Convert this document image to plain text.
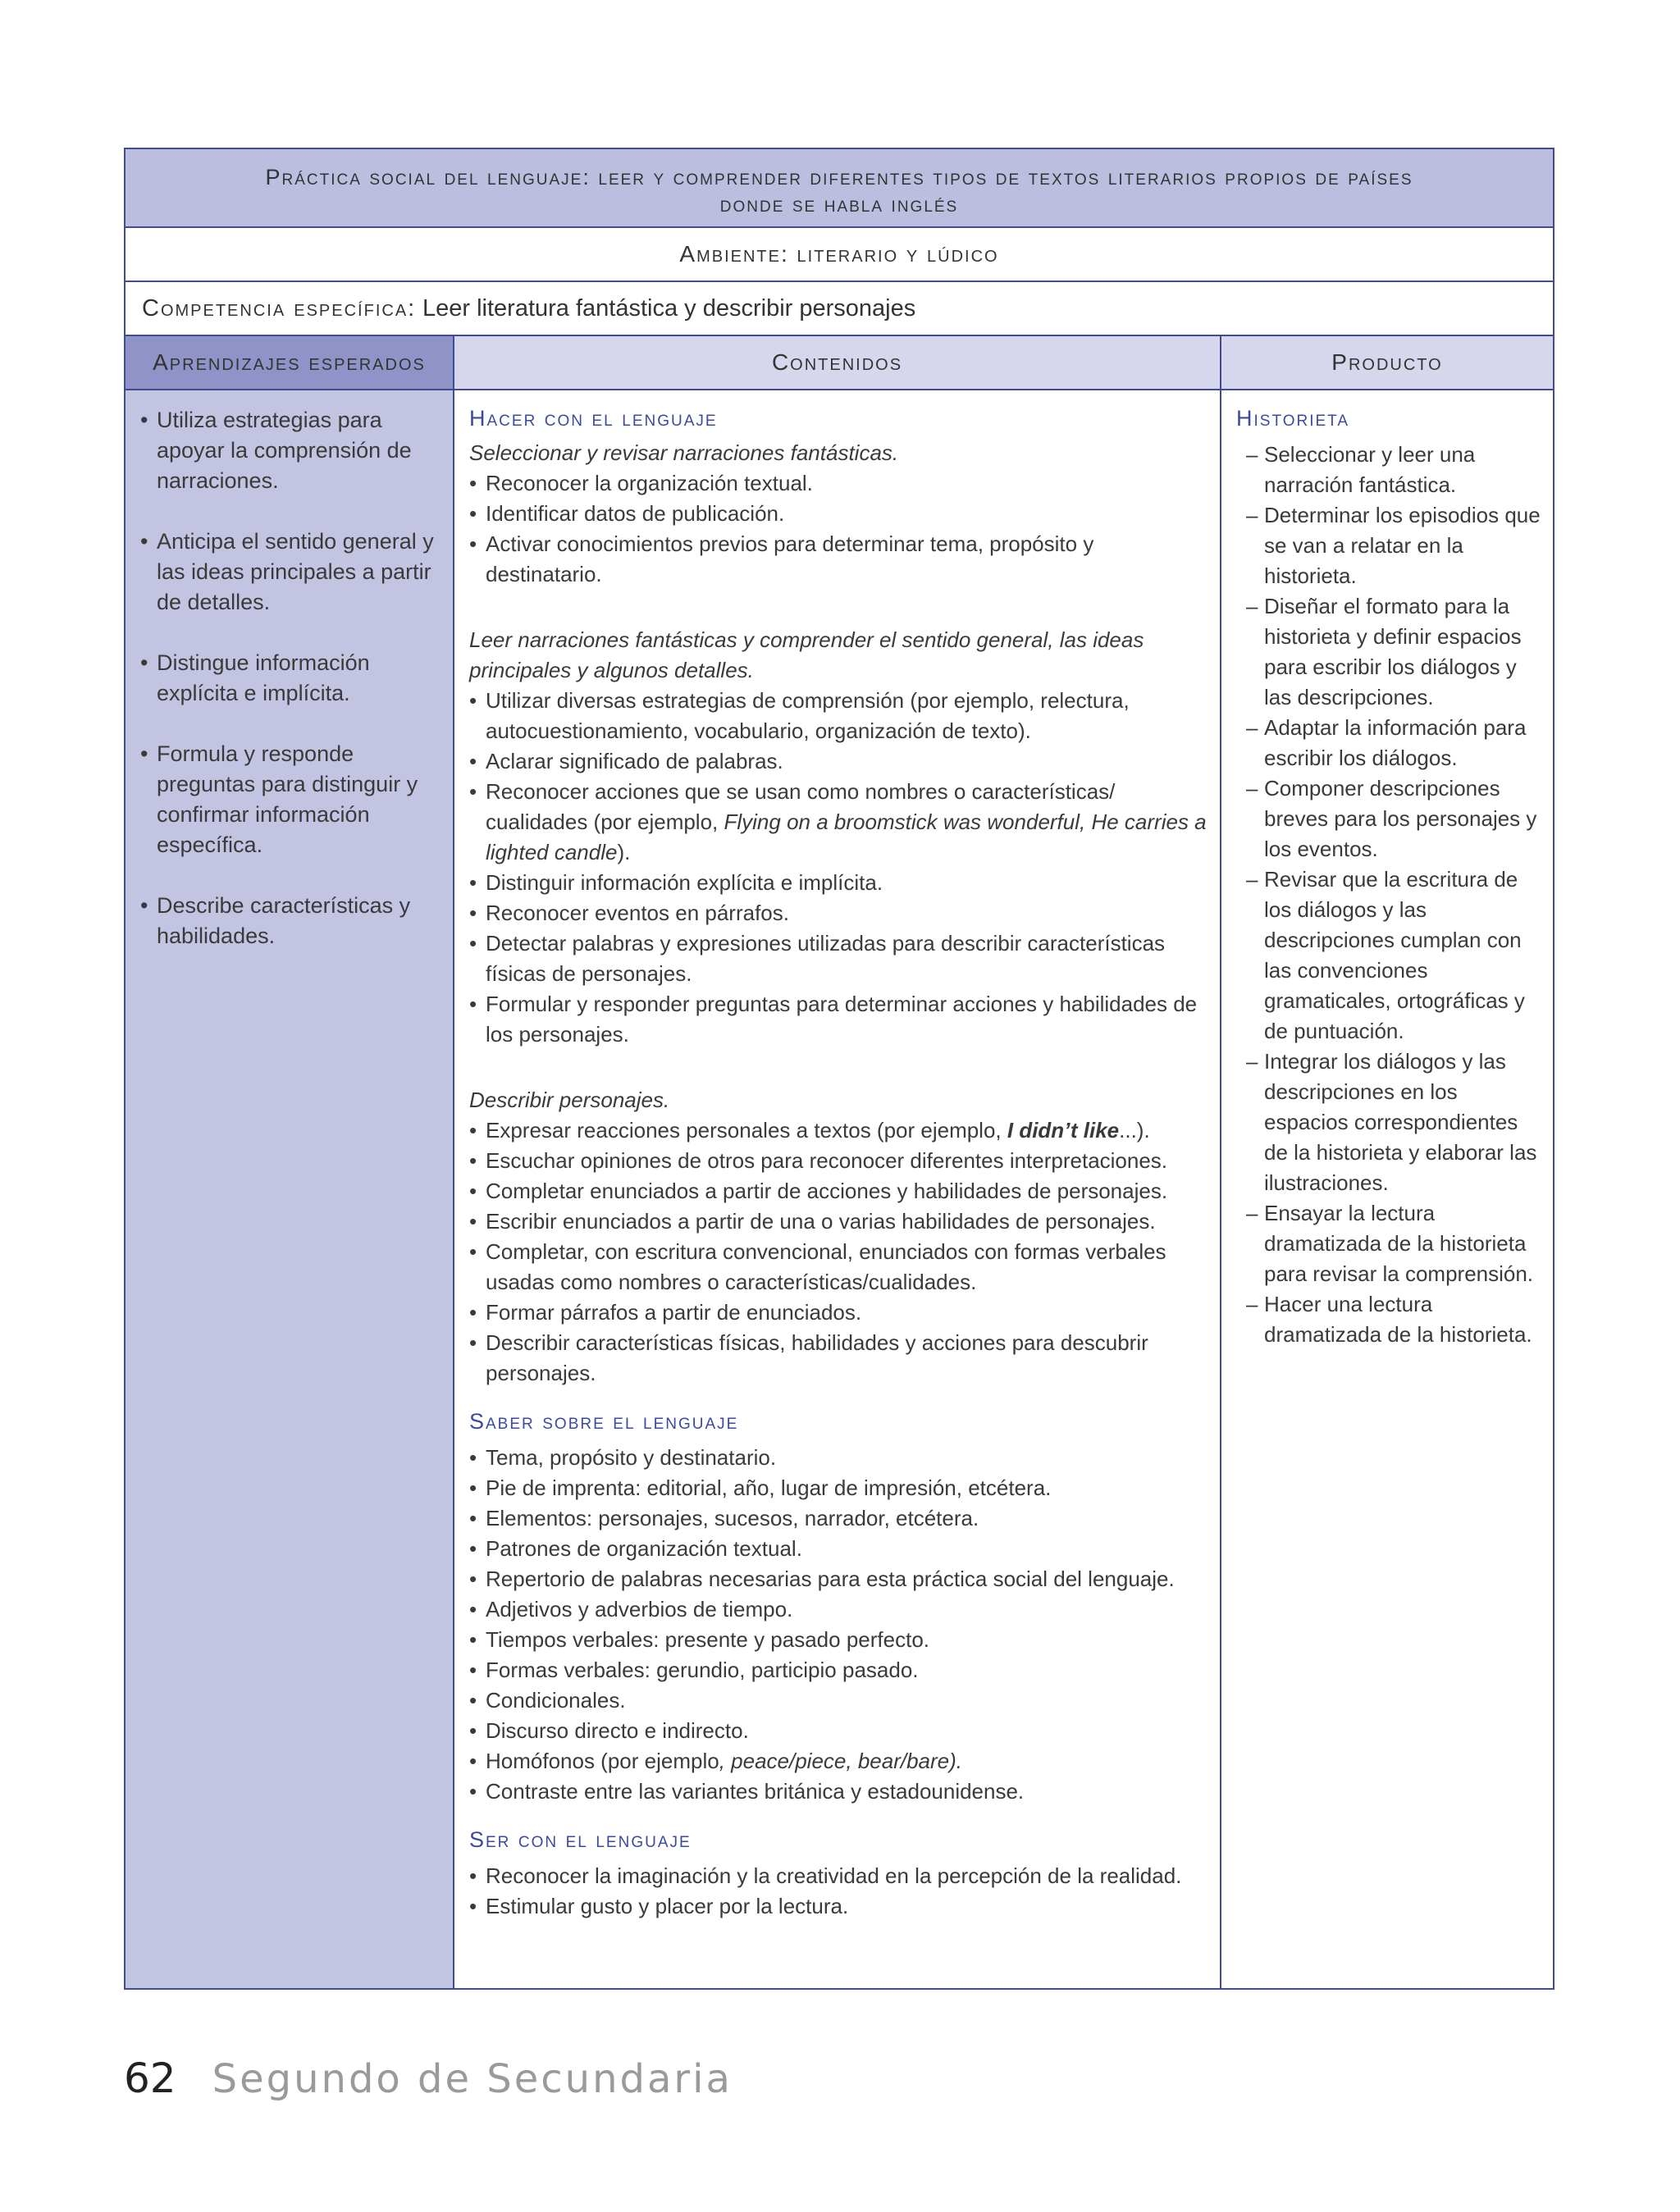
Práctica social del lenguaje: leer y comprender diferentes tipos de textos literarios propios de países
donde se habla inglés
Ambiente: literario y lúdico
Competencia específica: Leer literatura fantástica y describir personajes
Aprendizajes esperados	Contenidos	Producto
• Utiliza estrategias para apoyar la comprensión de narraciones.
• Anticipa el sentido general y las ideas principales a partir de detalles.
• Distingue información explícita e implícita.
• Formula y responde preguntas para distinguir y confirmar información específica.
• Describe características y habilidades.
Hacer con el lenguaje
Seleccionar y revisar narraciones fantásticas.
• Reconocer la organización textual.
• Identificar datos de publicación.
• Activar conocimientos previos para determinar tema, propósito y destinatario.
Leer narraciones fantásticas y comprender el sentido general, las ideas principales y algunos detalles.
• Utilizar diversas estrategias de comprensión (por ejemplo, relectura, autocuestionamiento, vocabulario, organización de texto).
• Aclarar significado de palabras.
• Reconocer acciones que se usan como nombres o características/ cualidades (por ejemplo, Flying on a broomstick was wonderful, He carries a lighted candle).
• Distinguir información explícita e implícita.
• Reconocer eventos en párrafos.
• Detectar palabras y expresiones utilizadas para describir características físicas de personajes.
• Formular y responder preguntas para determinar acciones y habilidades de los personajes.
Describir personajes.
• Expresar reacciones personales a textos (por ejemplo, I didn’t like...).
• Escuchar opiniones de otros para reconocer diferentes interpretaciones.
• Completar enunciados a partir de acciones y habilidades de personajes.
• Escribir enunciados a partir de una o varias habilidades de personajes.
• Completar, con escritura convencional, enunciados con formas verbales usadas como nombres o características/cualidades.
• Formar párrafos a partir de enunciados.
• Describir características físicas, habilidades y acciones para descubrir personajes.
Saber sobre el lenguaje
• Tema, propósito y destinatario.
• Pie de imprenta: editorial, año, lugar de impresión, etcétera.
• Elementos: personajes, sucesos, narrador, etcétera.
• Patrones de organización textual.
• Repertorio de palabras necesarias para esta práctica social del lenguaje.
• Adjetivos y adverbios de tiempo.
• Tiempos verbales: presente y pasado perfecto.
• Formas verbales: gerundio, participio pasado.
• Condicionales.
• Discurso directo e indirecto.
• Homófonos (por ejemplo, peace/piece, bear/bare).
• Contraste entre las variantes británica y estadounidense.
Ser con el lenguaje
• Reconocer la imaginación y la creatividad en la percepción de la realidad.
• Estimular gusto y placer por la lectura.
Historieta
– Seleccionar y leer una narración fantástica.
– Determinar los episodios que se van a relatar en la historieta.
– Diseñar el formato para la historieta y definir espacios para escribir los diálogos y las descripciones.
– Adaptar la información para escribir los diálogos.
– Componer descripciones breves para los personajes y los eventos.
– Revisar que la escritura de los diálogos y las descripciones cumplan con las convenciones gramaticales, ortográficas y de puntuación.
– Integrar los diálogos y las descripciones en los espacios correspondientes de la historieta y elaborar las ilustraciones.
– Ensayar la lectura dramatizada de la historieta para revisar la comprensión.
– Hacer una lectura dramatizada de la historieta.
62 Segundo de Secundaria
